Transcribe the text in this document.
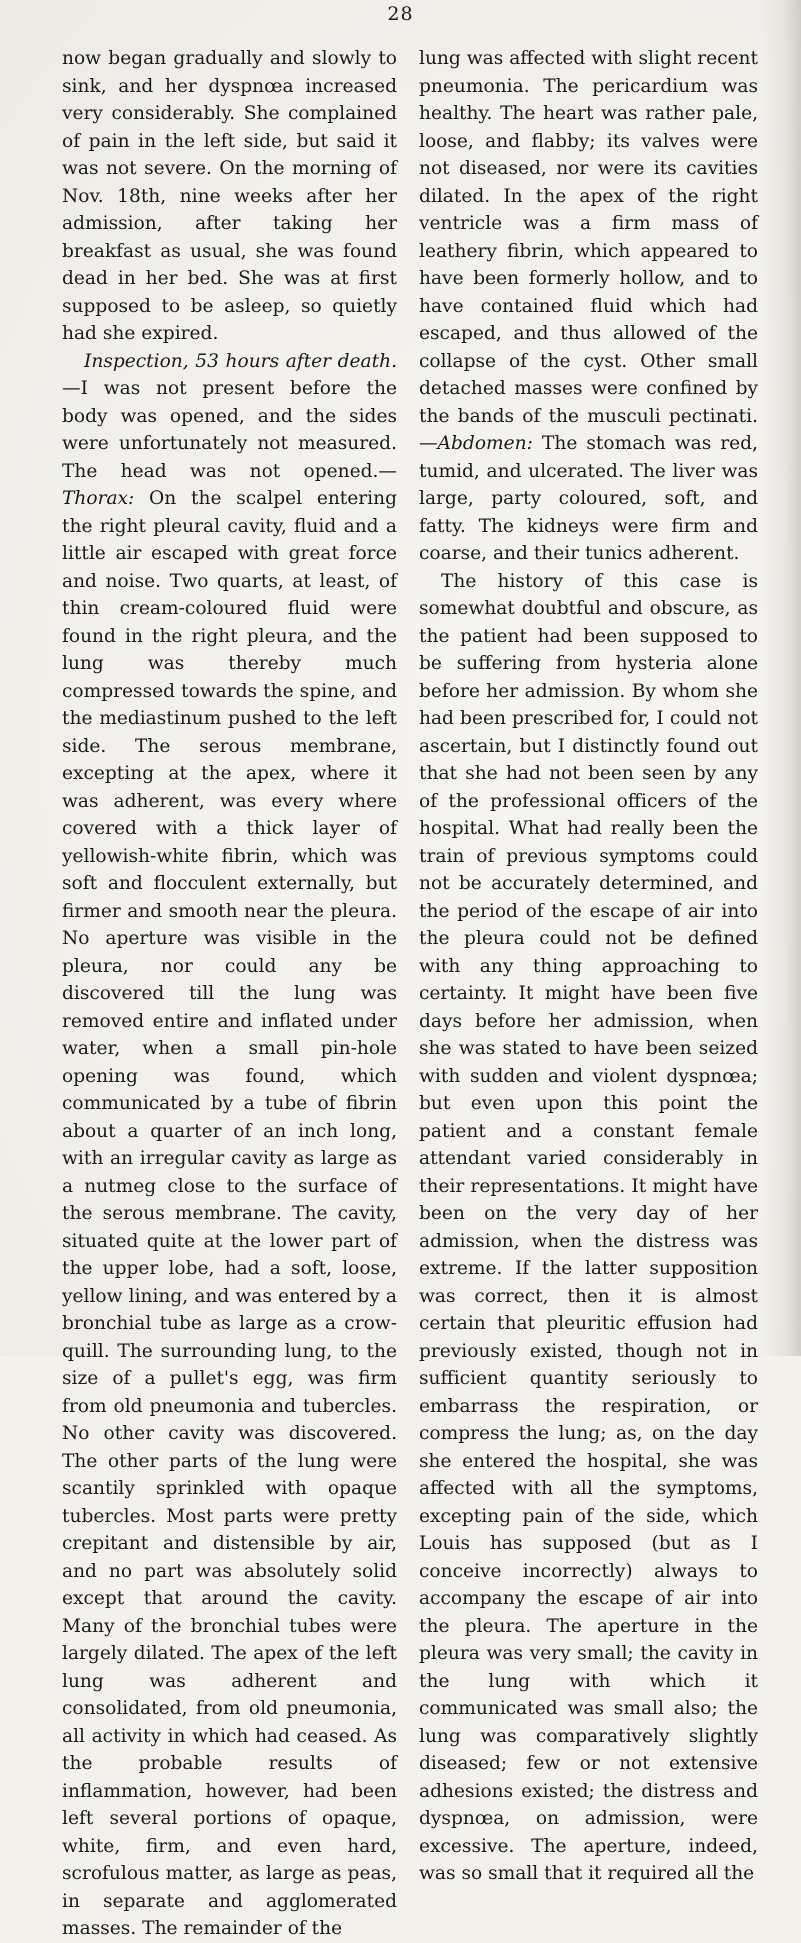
28

now began gradually and slowly to sink, and her dyspnœa increased very considerably. She complained of pain in the left side, but said it was not severe. On the morning of Nov. 18th, nine weeks after her admission, after taking her breakfast as usual, she was found dead in her bed. She was at first supposed to be asleep, so quietly had she expired.

Inspection, 53 hours after death.—I was not present before the body was opened, and the sides were unfortunately not measured. The head was not opened.—Thorax: On the scalpel entering the right pleural cavity, fluid and a little air escaped with great force and noise. Two quarts, at least, of thin cream-coloured fluid were found in the right pleura, and the lung was thereby much compressed towards the spine, and the mediastinum pushed to the left side. The serous membrane, excepting at the apex, where it was adherent, was every where covered with a thick layer of yellowish-white fibrin, which was soft and flocculent externally, but firmer and smooth near the pleura. No aperture was visible in the pleura, nor could any be discovered till the lung was removed entire and inflated under water, when a small pin-hole opening was found, which communicated by a tube of fibrin about a quarter of an inch long, with an irregular cavity as large as a nutmeg close to the surface of the serous membrane. The cavity, situated quite at the lower part of the upper lobe, had a soft, loose, yellow lining, and was entered by a bronchial tube as large as a crow-quill. The surrounding lung, to the size of a pullet's egg, was firm from old pneumonia and tubercles. No other cavity was discovered. The other parts of the lung were scantily sprinkled with opaque tubercles. Most parts were pretty crepitant and distensible by air, and no part was absolutely solid except that around the cavity. Many of the bronchial tubes were largely dilated. The apex of the left lung was adherent and consolidated, from old pneumonia, all activity in which had ceased. As the probable results of inflammation, however, had been left several portions of opaque, white, firm, and even hard, scrofulous matter, as large as peas, in separate and agglomerated masses. The remainder of the

lung was affected with slight recent pneumonia. The pericardium was healthy. The heart was rather pale, loose, and flabby; its valves were not diseased, nor were its cavities dilated. In the apex of the right ventricle was a firm mass of leathery fibrin, which appeared to have been formerly hollow, and to have contained fluid which had escaped, and thus allowed of the collapse of the cyst. Other small detached masses were confined by the bands of the musculi pectinati.—Abdomen: The stomach was red, tumid, and ulcerated. The liver was large, party coloured, soft, and fatty. The kidneys were firm and coarse, and their tunics adherent.

The history of this case is somewhat doubtful and obscure, as the patient had been supposed to be suffering from hysteria alone before her admission. By whom she had been prescribed for, I could not ascertain, but I distinctly found out that she had not been seen by any of the professional officers of the hospital. What had really been the train of previous symptoms could not be accurately determined, and the period of the escape of air into the pleura could not be defined with any thing approaching to certainty. It might have been five days before her admission, when she was stated to have been seized with sudden and violent dyspnœa; but even upon this point the patient and a constant female attendant varied considerably in their representations. It might have been on the very day of her admission, when the distress was extreme. If the latter supposition was correct, then it is almost certain that pleuritic effusion had previously existed, though not in sufficient quantity seriously to embarrass the respiration, or compress the lung; as, on the day she entered the hospital, she was affected with all the symptoms, excepting pain of the side, which Louis has supposed (but as I conceive incorrectly) always to accompany the escape of air into the pleura. The aperture in the pleura was very small; the cavity in the lung with which it communicated was small also; the lung was comparatively slightly diseased; few or not extensive adhesions existed; the distress and dyspnœa, on admission, were excessive. The aperture, indeed, was so small that it required all the
